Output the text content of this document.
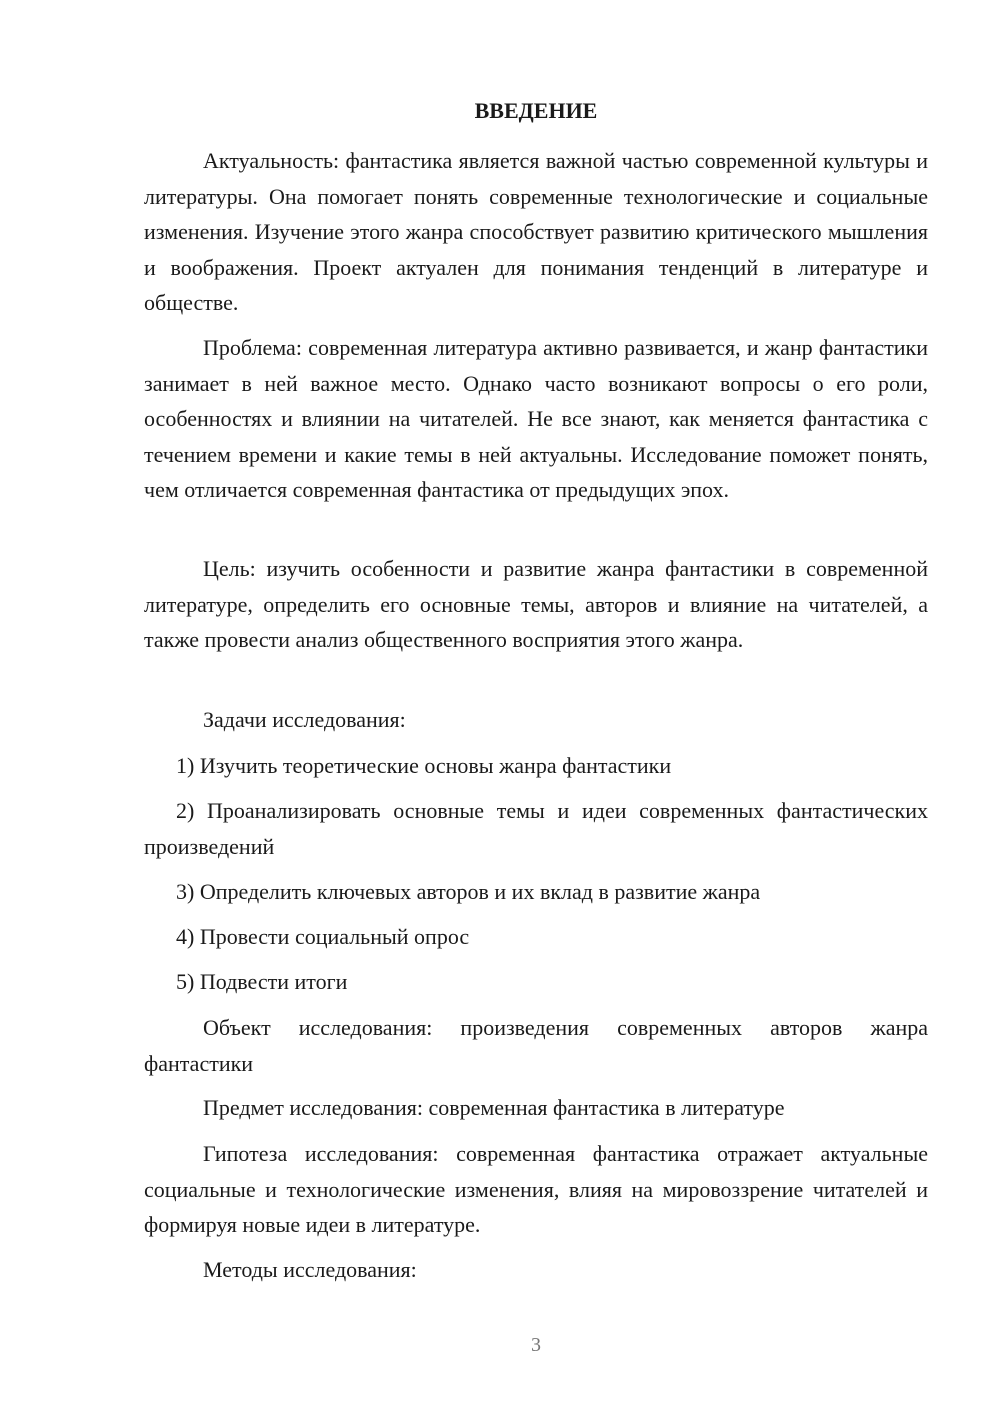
ВВЕДЕНИЕ

Актуальность: фантастика является важной частью современной культуры и литературы. Она помогает понять современные технологические и социальные изменения. Изучение этого жанра способствует развитию критического мышления и воображения. Проект актуален для понимания тенденций в литературе и обществе.

Проблема: современная литература активно развивается, и жанр фантастики занимает в ней важное место. Однако часто возникают вопросы о его роли, особенностях и влиянии на читателей. Не все знают, как меняется фантастика с течением времени и какие темы в ней актуальны. Исследование поможет понять, чем отличается современная фантастика от предыдущих эпох.

Цель: изучить особенности и развитие жанра фантастики в современной литературе, определить его основные темы, авторов и влияние на читателей, а также провести анализ общественного восприятия этого жанра.

Задачи исследования:

1) Изучить теоретические основы жанра фантастики

2) Проанализировать основные темы и идеи современных фантастических произведений

3) Определить ключевых авторов и их вклад в развитие жанра

4) Провести социальный опрос

5) Подвести итоги

Объект исследования: произведения современных авторов жанра фантастики

Предмет исследования: современная фантастика в литературе

Гипотеза исследования: современная фантастика отражает актуальные социальные и технологические изменения, влияя на мировоззрение читателей и формируя новые идеи в литературе.

Методы исследования:

3
